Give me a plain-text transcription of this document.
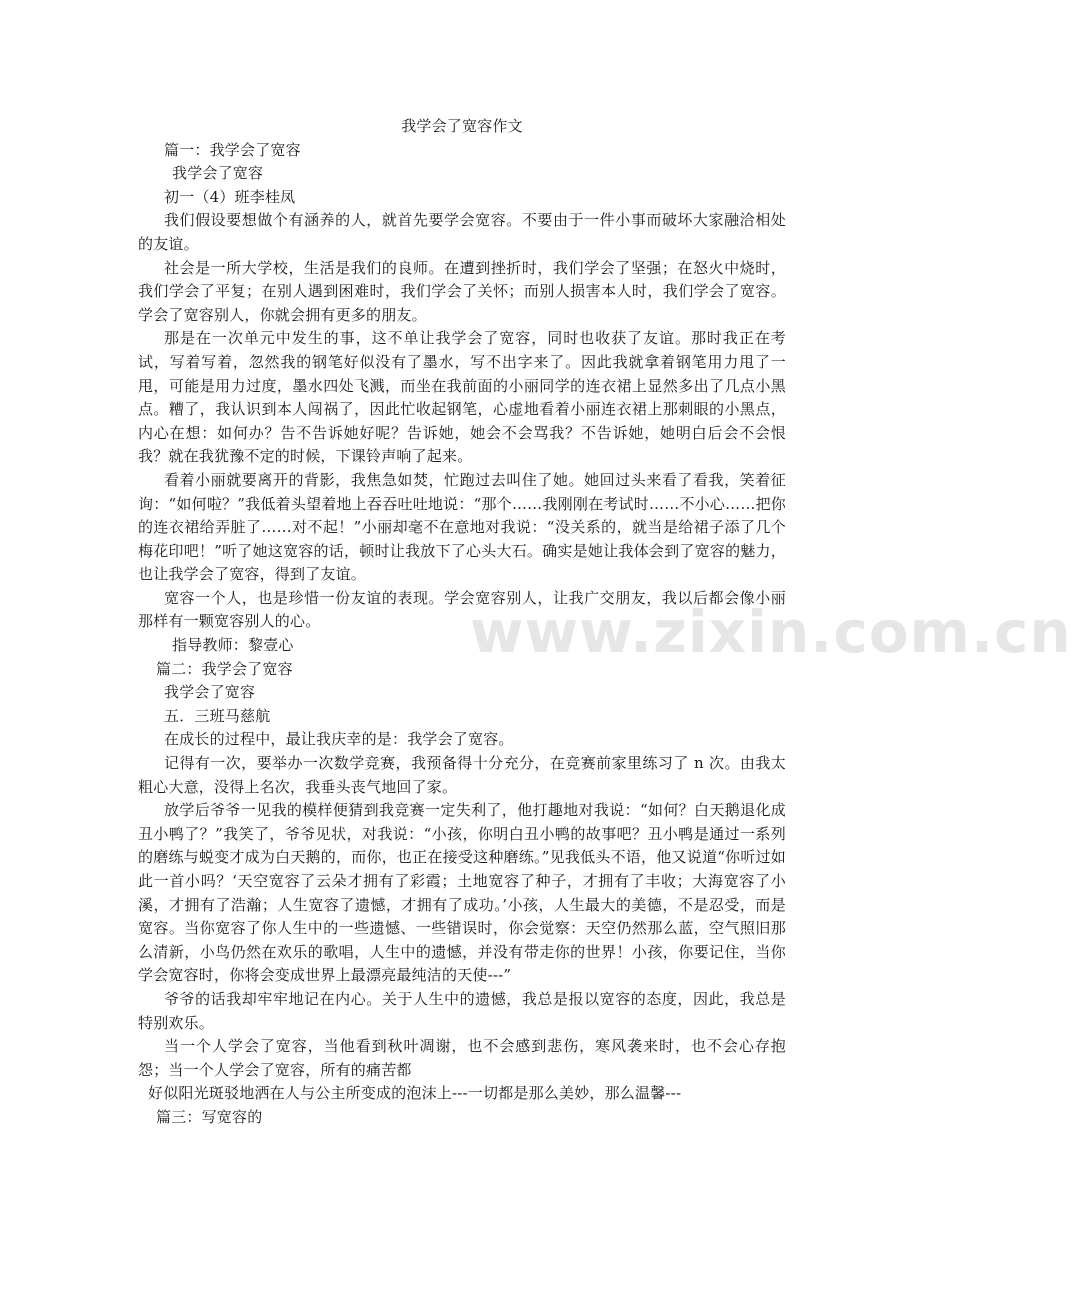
www.zixin.com.cn
我学会了宽容作文

篇一：我学会了宽容

我学会了宽容

初一（4）班李桂凤

我们假设要想做个有涵养的人，就首先要学会宽容。不要由于一件小事而破坏大家融洽相处的友谊。

社会是一所大学校，生活是我们的良师。在遭到挫折时，我们学会了坚强；在怒火中烧时，我们学会了平复；在别人遇到困难时，我们学会了关怀；而别人损害本人时，我们学会了宽容。学会了宽容别人，你就会拥有更多的朋友。

那是在一次单元中发生的事，这不单让我学会了宽容，同时也收获了友谊。那时我正在考试，写着写着，忽然我的钢笔好似没有了墨水，写不出字来了。因此我就拿着钢笔用力甩了一甩，可能是用力过度，墨水四处飞溅，而坐在我前面的小丽同学的连衣裙上显然多出了几点小黑点。糟了，我认识到本人闯祸了，因此忙收起钢笔，心虚地看着小丽连衣裙上那刺眼的小黑点，内心在想：如何办？告不告诉她好呢？告诉她，她会不会骂我？不告诉她，她明白后会不会恨我？就在我犹豫不定的时候，下课铃声响了起来。

看着小丽就要离开的背影，我焦急如焚，忙跑过去叫住了她。她回过头来看了看我，笑着征询：“如何啦？”我低着头望着地上吞吞吐吐地说：“那个……我刚刚在考试时……不小心……把你的连衣裙给弄脏了……对不起！”小丽却毫不在意地对我说：“没关系的，就当是给裙子添了几个梅花印吧！”听了她这宽容的话，顿时让我放下了心头大石。确实是她让我体会到了宽容的魅力，也让我学会了宽容，得到了友谊。

宽容一个人，也是珍惜一份友谊的表现。学会宽容别人，让我广交朋友，我以后都会像小丽那样有一颗宽容别人的心。

指导教师：黎壹心

篇二：我学会了宽容

我学会了宽容

五．三班马慈航

在成长的过程中，最让我庆幸的是：我学会了宽容。

记得有一次，要举办一次数学竞赛，我预备得十分充分，在竞赛前家里练习了 n 次。由我太粗心大意，没得上名次，我垂头丧气地回了家。

放学后爷爷一见我的模样便猜到我竞赛一定失利了，他打趣地对我说：“如何？白天鹅退化成丑小鸭了？”我笑了，爷爷见状，对我说：“小孩，你明白丑小鸭的故事吧？丑小鸭是通过一系列的磨练与蜕变才成为白天鹅的，而你，也正在接受这种磨练。”见我低头不语，他又说道“你听过如此一首小吗？‘天空宽容了云朵才拥有了彩霞；土地宽容了种子，才拥有了丰收；大海宽容了小溪，才拥有了浩瀚；人生宽容了遗憾，才拥有了成功。’小孩，人生最大的美德，不是忍受，而是宽容。当你宽容了你人生中的一些遗憾、一些错误时，你会觉察：天空仍然那么蓝，空气照旧那么清新，小鸟仍然在欢乐的歌唱，人生中的遗憾，并没有带走你的世界！小孩，你要记住，当你学会宽容时，你将会变成世界上最漂亮最纯洁的天使---”

爷爷的话我却牢牢地记在内心。关于人生中的遗憾，我总是报以宽容的态度，因此，我总是特别欢乐。

当一个人学会了宽容，当他看到秋叶凋谢，也不会感到悲伤，寒风袭来时，也不会心存抱怨；当一个人学会了宽容，所有的痛苦都

好似阳光斑驳地洒在人与公主所变成的泡沫上---一切都是那么美妙，那么温馨---

篇三：写宽容的
